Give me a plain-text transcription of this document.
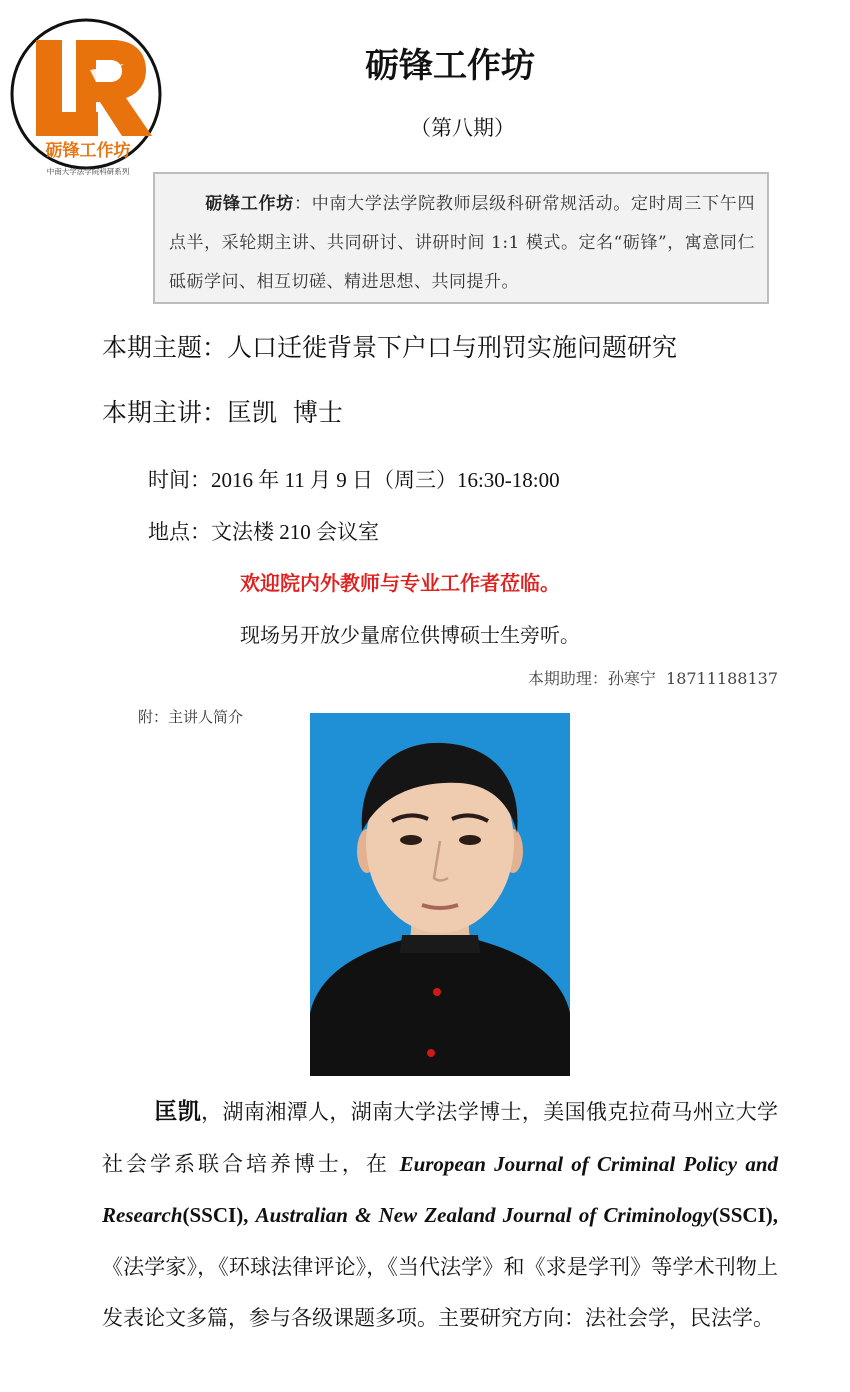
砺锋工作坊
中南大学法学院科研系列
砺锋工作坊
（第八期）
砺锋工作坊：中南大学法学院教师层级科研常规活动。定时周三下午四点半，采轮期主讲、共同研讨、讲研时间 1:1 模式。定名“砺锋”，寓意同仁砥砺学问、相互切磋、精进思想、共同提升。
本期主题：人口迁徙背景下户口与刑罚实施问题研究
本期主讲：匡凯  博士
时间：2016 年 11 月 9 日（周三）16:30-18:00
地点：文法楼 210 会议室
欢迎院内外教师与专业工作者莅临。
现场另开放少量席位供博硕士生旁听。
本期助理：孙寒宁  18711188137
附：主讲人简介
匡凯，湖南湘潭人，湖南大学法学博士，美国俄克拉荷马州立大学社会学系联合培养博士，在 European Journal of Criminal Policy and Research(SSCI), Australian & New Zealand Journal of Criminology(SSCI),《法学家》，《环球法律评论》，《当代法学》和《求是学刊》等学术刊物上发表论文多篇，参与各级课题多项。主要研究方向：法社会学，民法学。
